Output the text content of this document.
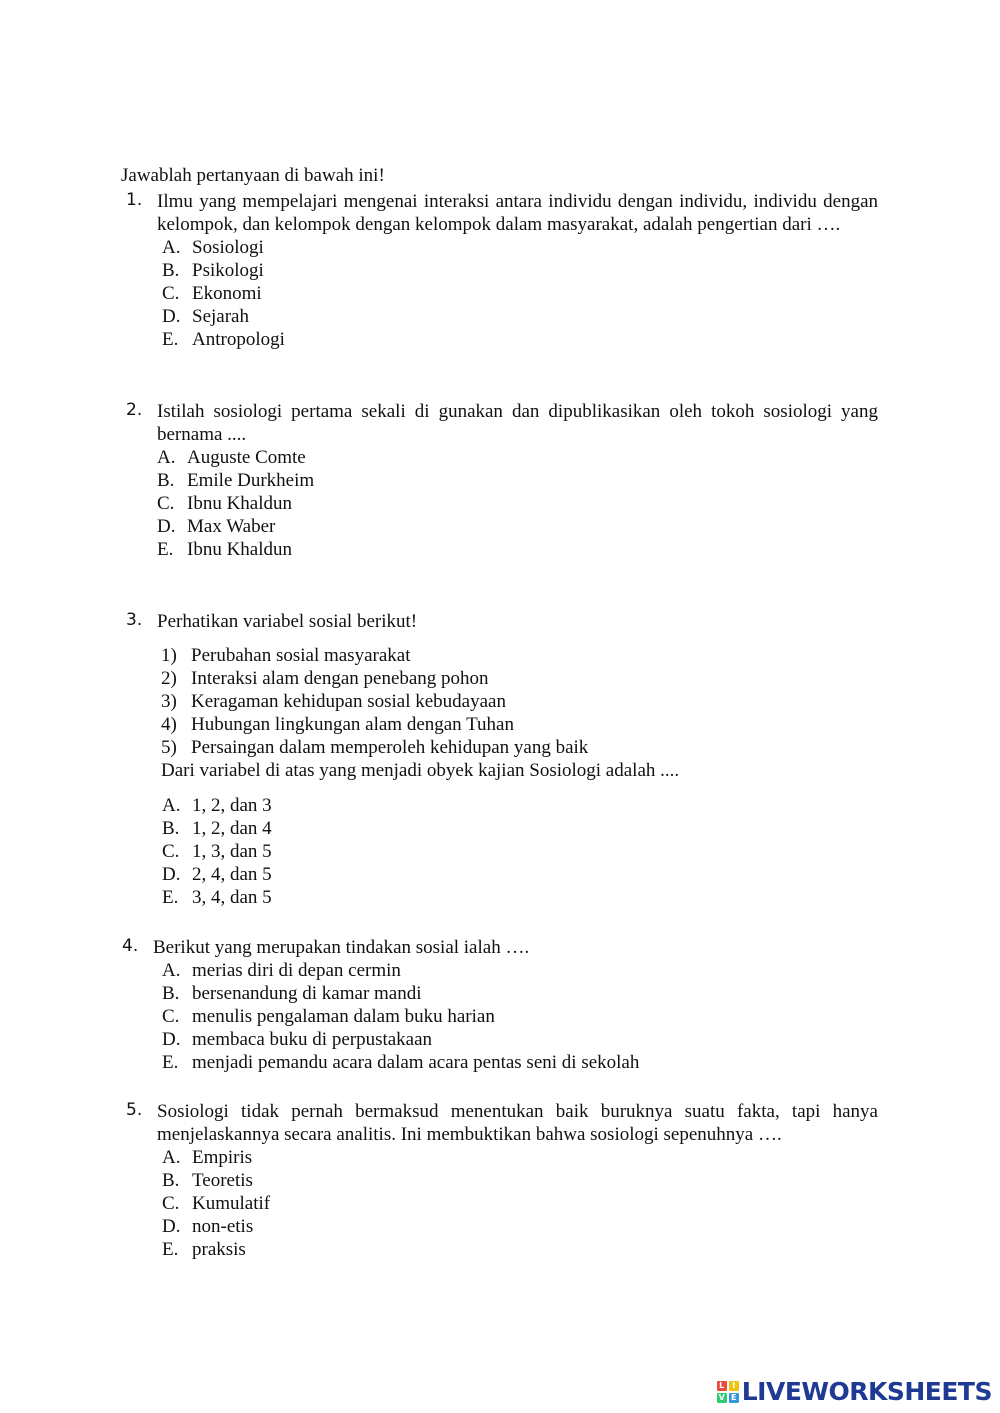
Jawablah pertanyaan di bawah ini!
1. Ilmu yang mempelajari mengenai interaksi antara individu dengan individu, individu dengan kelompok, dan kelompok dengan kelompok dalam masyarakat, adalah pengertian dari ….
A. Sosiologi
B. Psikologi
C. Ekonomi
D. Sejarah
E. Antropologi
2. Istilah sosiologi pertama sekali di gunakan dan dipublikasikan oleh tokoh sosiologi yang bernama ....
A. Auguste Comte
B. Emile Durkheim
C. Ibnu Khaldun
D. Max Waber
E. Ibnu Khaldun
3. Perhatikan variabel sosial berikut!
1) Perubahan sosial masyarakat
2) Interaksi alam dengan penebang pohon
3) Keragaman kehidupan sosial kebudayaan
4) Hubungan lingkungan alam dengan Tuhan
5) Persaingan dalam memperoleh kehidupan yang baik
Dari variabel di atas yang menjadi obyek kajian Sosiologi adalah ....
A. 1, 2, dan 3
B. 1, 2, dan 4
C. 1, 3, dan 5
D. 2, 4, dan 5
E. 3, 4, dan 5
4. Berikut yang merupakan tindakan sosial ialah ….
A. merias diri di depan cermin
B. bersenandung di kamar mandi
C. menulis pengalaman dalam buku harian
D. membaca buku di perpustakaan
E. menjadi pemandu acara dalam acara pentas seni di sekolah
5. Sosiologi tidak pernah bermaksud menentukan baik buruknya suatu fakta, tapi hanya menjelaskannya secara analitis. Ini membuktikan bahwa sosiologi sepenuhnya ….
A. Empiris
B. Teoretis
C. Kumulatif
D. non-etis
E. praksis
L I
V E LIVEWORKSHEETS
